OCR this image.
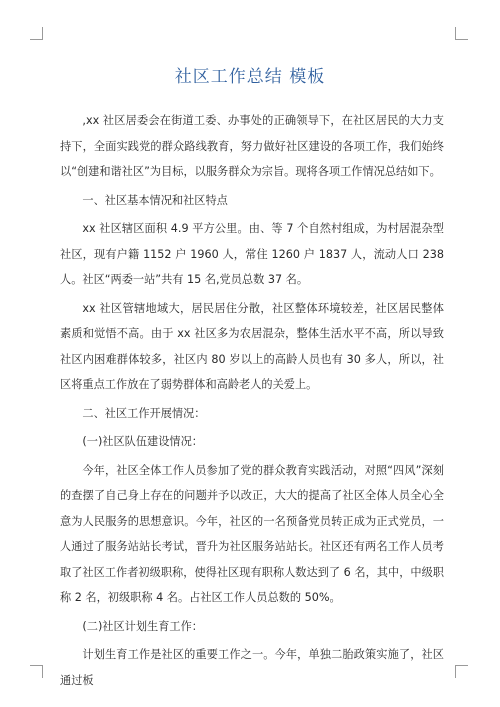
社区工作总结 模板

,xx 社区居委会在街道工委、办事处的正确领导下，在社区居民的大力支持下，全面实践党的群众路线教育，努力做好社区建设的各项工作，我们始终以“创建和谐社区”为目标，以服务群众为宗旨。现将各项工作情况总结如下。

一、社区基本情况和社区特点

xx 社区辖区面积 4.9 平方公里。由、等 7 个自然村组成，为村居混杂型社区，现有户籍 1152 户 1960 人，常住 1260 户 1837 人，流动人口 238 人。社区“两委一站”共有 15 名,党员总数 37 名。

xx 社区管辖地域大，居民居住分散，社区整体环境较差，社区居民整体素质和觉悟不高。由于 xx 社区多为农居混杂，整体生活水平不高，所以导致社区内困难群体较多，社区内 80 岁以上的高龄人员也有 30 多人，所以，社区将重点工作放在了弱势群体和高龄老人的关爱上。

二、社区工作开展情况：

(一)社区队伍建设情况：

今年，社区全体工作人员参加了党的群众教育实践活动，对照“四风”深刻的查摆了自己身上存在的问题并予以改正，大大的提高了社区全体人员全心全意为人民服务的思想意识。今年，社区的一名预备党员转正成为正式党员，一人通过了服务站站长考试，晋升为社区服务站站长。社区还有两名工作人员考取了社区工作者初级职称，使得社区现有职称人数达到了 6 名，其中，中级职称 2 名，初级职称 4 名。占社区工作人员总数的 50%。

(二)社区计划生育工作：

计划生育工作是社区的重要工作之一。今年，单独二胎政策实施了，社区通过板
